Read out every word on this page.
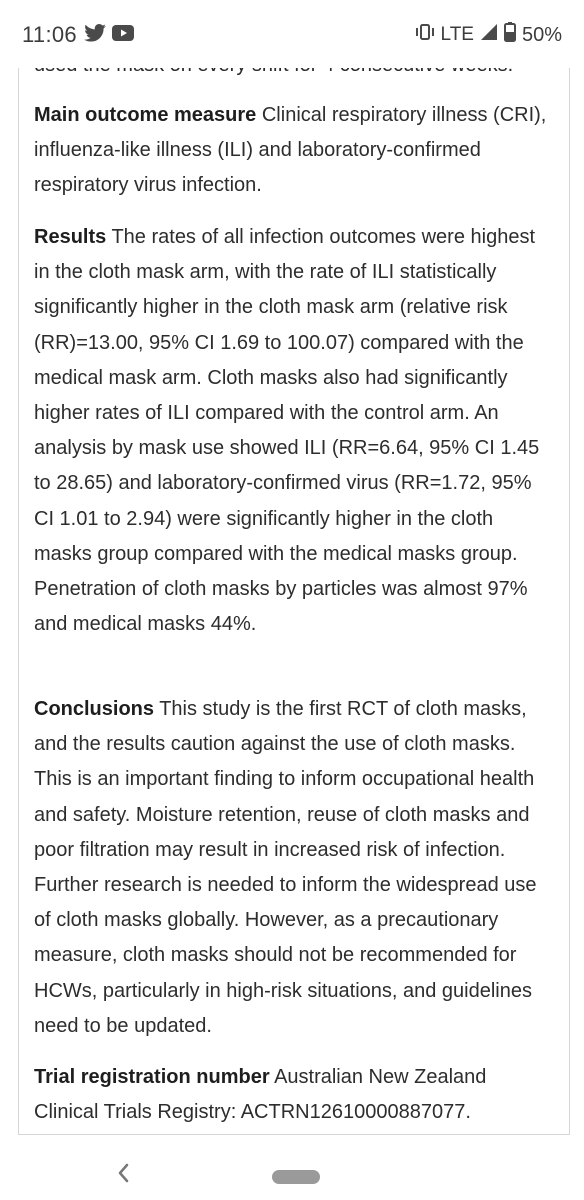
11:06	LTE 50%
Main outcome measure Clinical respiratory illness (CRI), influenza-like illness (ILI) and laboratory-confirmed respiratory virus infection.
Results The rates of all infection outcomes were highest in the cloth mask arm, with the rate of ILI statistically significantly higher in the cloth mask arm (relative risk (RR)=13.00, 95% CI 1.69 to 100.07) compared with the medical mask arm. Cloth masks also had significantly higher rates of ILI compared with the control arm. An analysis by mask use showed ILI (RR=6.64, 95% CI 1.45 to 28.65) and laboratory-confirmed virus (RR=1.72, 95% CI 1.01 to 2.94) were significantly higher in the cloth masks group compared with the medical masks group. Penetration of cloth masks by particles was almost 97% and medical masks 44%.
Conclusions This study is the first RCT of cloth masks, and the results caution against the use of cloth masks. This is an important finding to inform occupational health and safety. Moisture retention, reuse of cloth masks and poor filtration may result in increased risk of infection. Further research is needed to inform the widespread use of cloth masks globally. However, as a precautionary measure, cloth masks should not be recommended for HCWs, particularly in high-risk situations, and guidelines need to be updated.
Trial registration number Australian New Zealand Clinical Trials Registry: ACTRN12610000887077.
